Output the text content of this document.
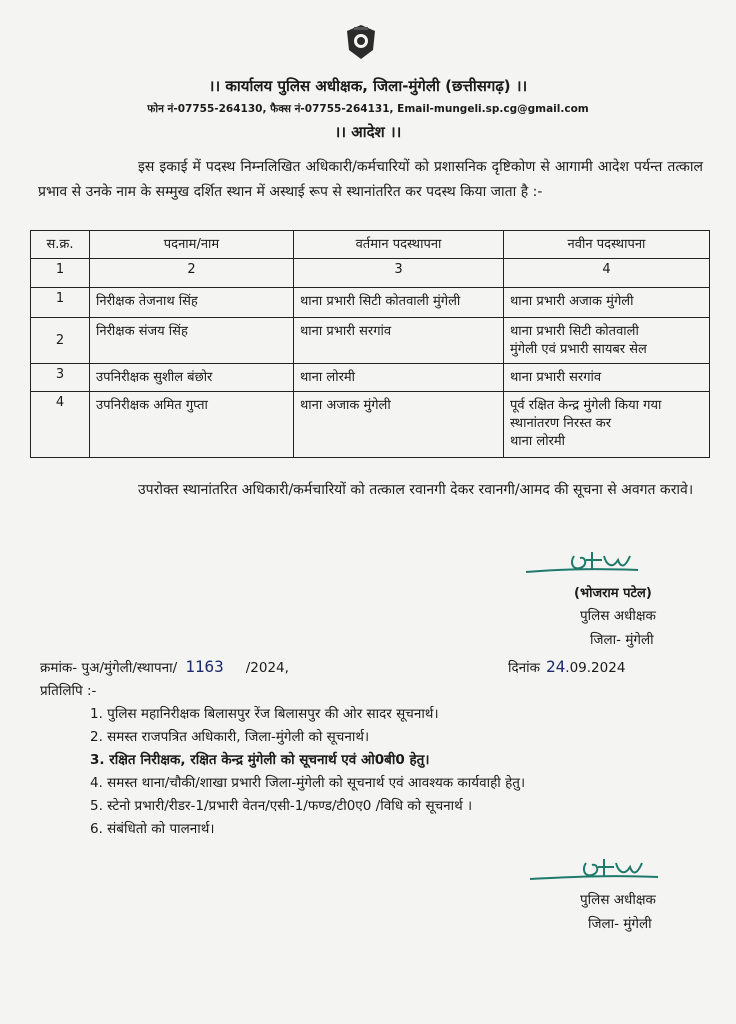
।। कार्यालय पुलिस अधीक्षक, जिला-मुंगेली (छत्तीसगढ़) ।।
फोन नं-07755-264130, फैक्स नं-07755-264131, Email-mungeli.sp.cg@gmail.com
।। आदेश ।।
इस इकाई में पदस्थ निम्नलिखित अधिकारी/कर्मचारियों को प्रशासनिक दृष्टिकोण से आगामी आदेश पर्यन्त तत्काल प्रभाव से उनके नाम के सम्मुख दर्शित स्थान में अस्थाई रूप से स्थानांतरित कर पदस्थ किया जाता है :-
स.क्र.	पदनाम/नाम	वर्तमान पदस्थापना	नवीन पदस्थापना
1	2	3	4
1	निरीक्षक तेजनाथ सिंह	थाना प्रभारी सिटी कोतवाली मुंगेली	थाना प्रभारी अजाक मुंगेली

2	निरीक्षक संजय सिंह	थाना प्रभारी सरगांव	थाना प्रभारी सिटी कोतवाली
मुंगेली एवं प्रभारी सायबर सेल

3	उपनिरीक्षक सुशील बंछोर	थाना लोरमी	थाना प्रभारी सरगांव

4	उपनिरीक्षक अमित गुप्ता	थाना अजाक मुंगेली	पूर्व रक्षित केन्द्र मुंगेली किया गया
स्थानांतरण निरस्त कर
थाना लोरमी
उपरोक्त स्थानांतरित अधिकारी/कर्मचारियों को तत्काल रवानगी देकर रवानगी/आमद की सूचना से अवगत करावे।
(भोजराम पटेल)
पुलिस अधीक्षक
जिला- मुंगेली
क्रमांक- पुअ/मुंगेली/स्थापना/ 1163 /2024,	दिनांक 24.09.2024
प्रतिलिपि :-
1. पुलिस महानिरीक्षक बिलासपुर रेंज बिलासपुर की ओर सादर सूचनार्थ।
2. समस्त राजपत्रित अधिकारी, जिला-मुंगेली को सूचनार्थ।
3. रक्षित निरीक्षक, रक्षित केन्द्र मुंगेली को सूचनार्थ एवं ओ0बी0 हेतु।
4. समस्त थाना/चौकी/शाखा प्रभारी जिला-मुंगेली को सूचनार्थ एवं आवश्यक कार्यवाही हेतु।
5. स्टेनो प्रभारी/रीडर-1/प्रभारी वेतन/एसी-1/फण्ड/टी0ए0 /विधि को सूचनार्थ ।
6. संबंधितो को पालनार्थ।
पुलिस अधीक्षक
जिला- मुंगेली
